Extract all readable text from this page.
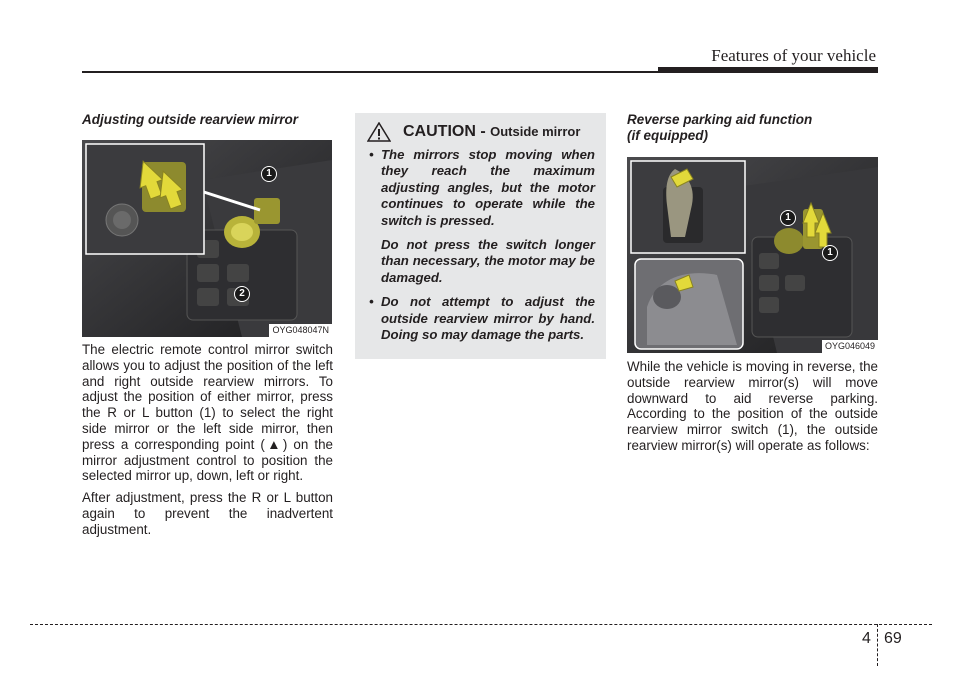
Features of your vehicle
Adjusting outside rearview mirror
1
2
OYG048047N

The electric remote control mirror switch allows you to adjust the position of the left and right outside rearview mirrors. To adjust the position of either mirror, press the R or L button (1) to select the right side mirror or the left side mirror, then press a corresponding point (▲) on the mirror adjustment control to position the selected mirror up, down, left or right.

After adjustment, press the R or L button again to prevent the inadvertent adjustment.

CAUTION - Outside mirror
• The mirrors stop moving when they reach the maximum adjusting angles, but the motor continues to operate while the switch is pressed.

Do not press the switch longer than necessary, the motor may be damaged.

• Do not attempt to adjust the outside rearview mirror by hand. Doing so may damage the parts.

Reverse parking aid function
(if equipped)
1
1
OYG046049

While the vehicle is moving in reverse, the outside rearview mirror(s) will move downward to aid reverse parking. According to the position of the outside rearview mirror switch (1), the outside rearview mirror(s) will operate as follows:

4 69
